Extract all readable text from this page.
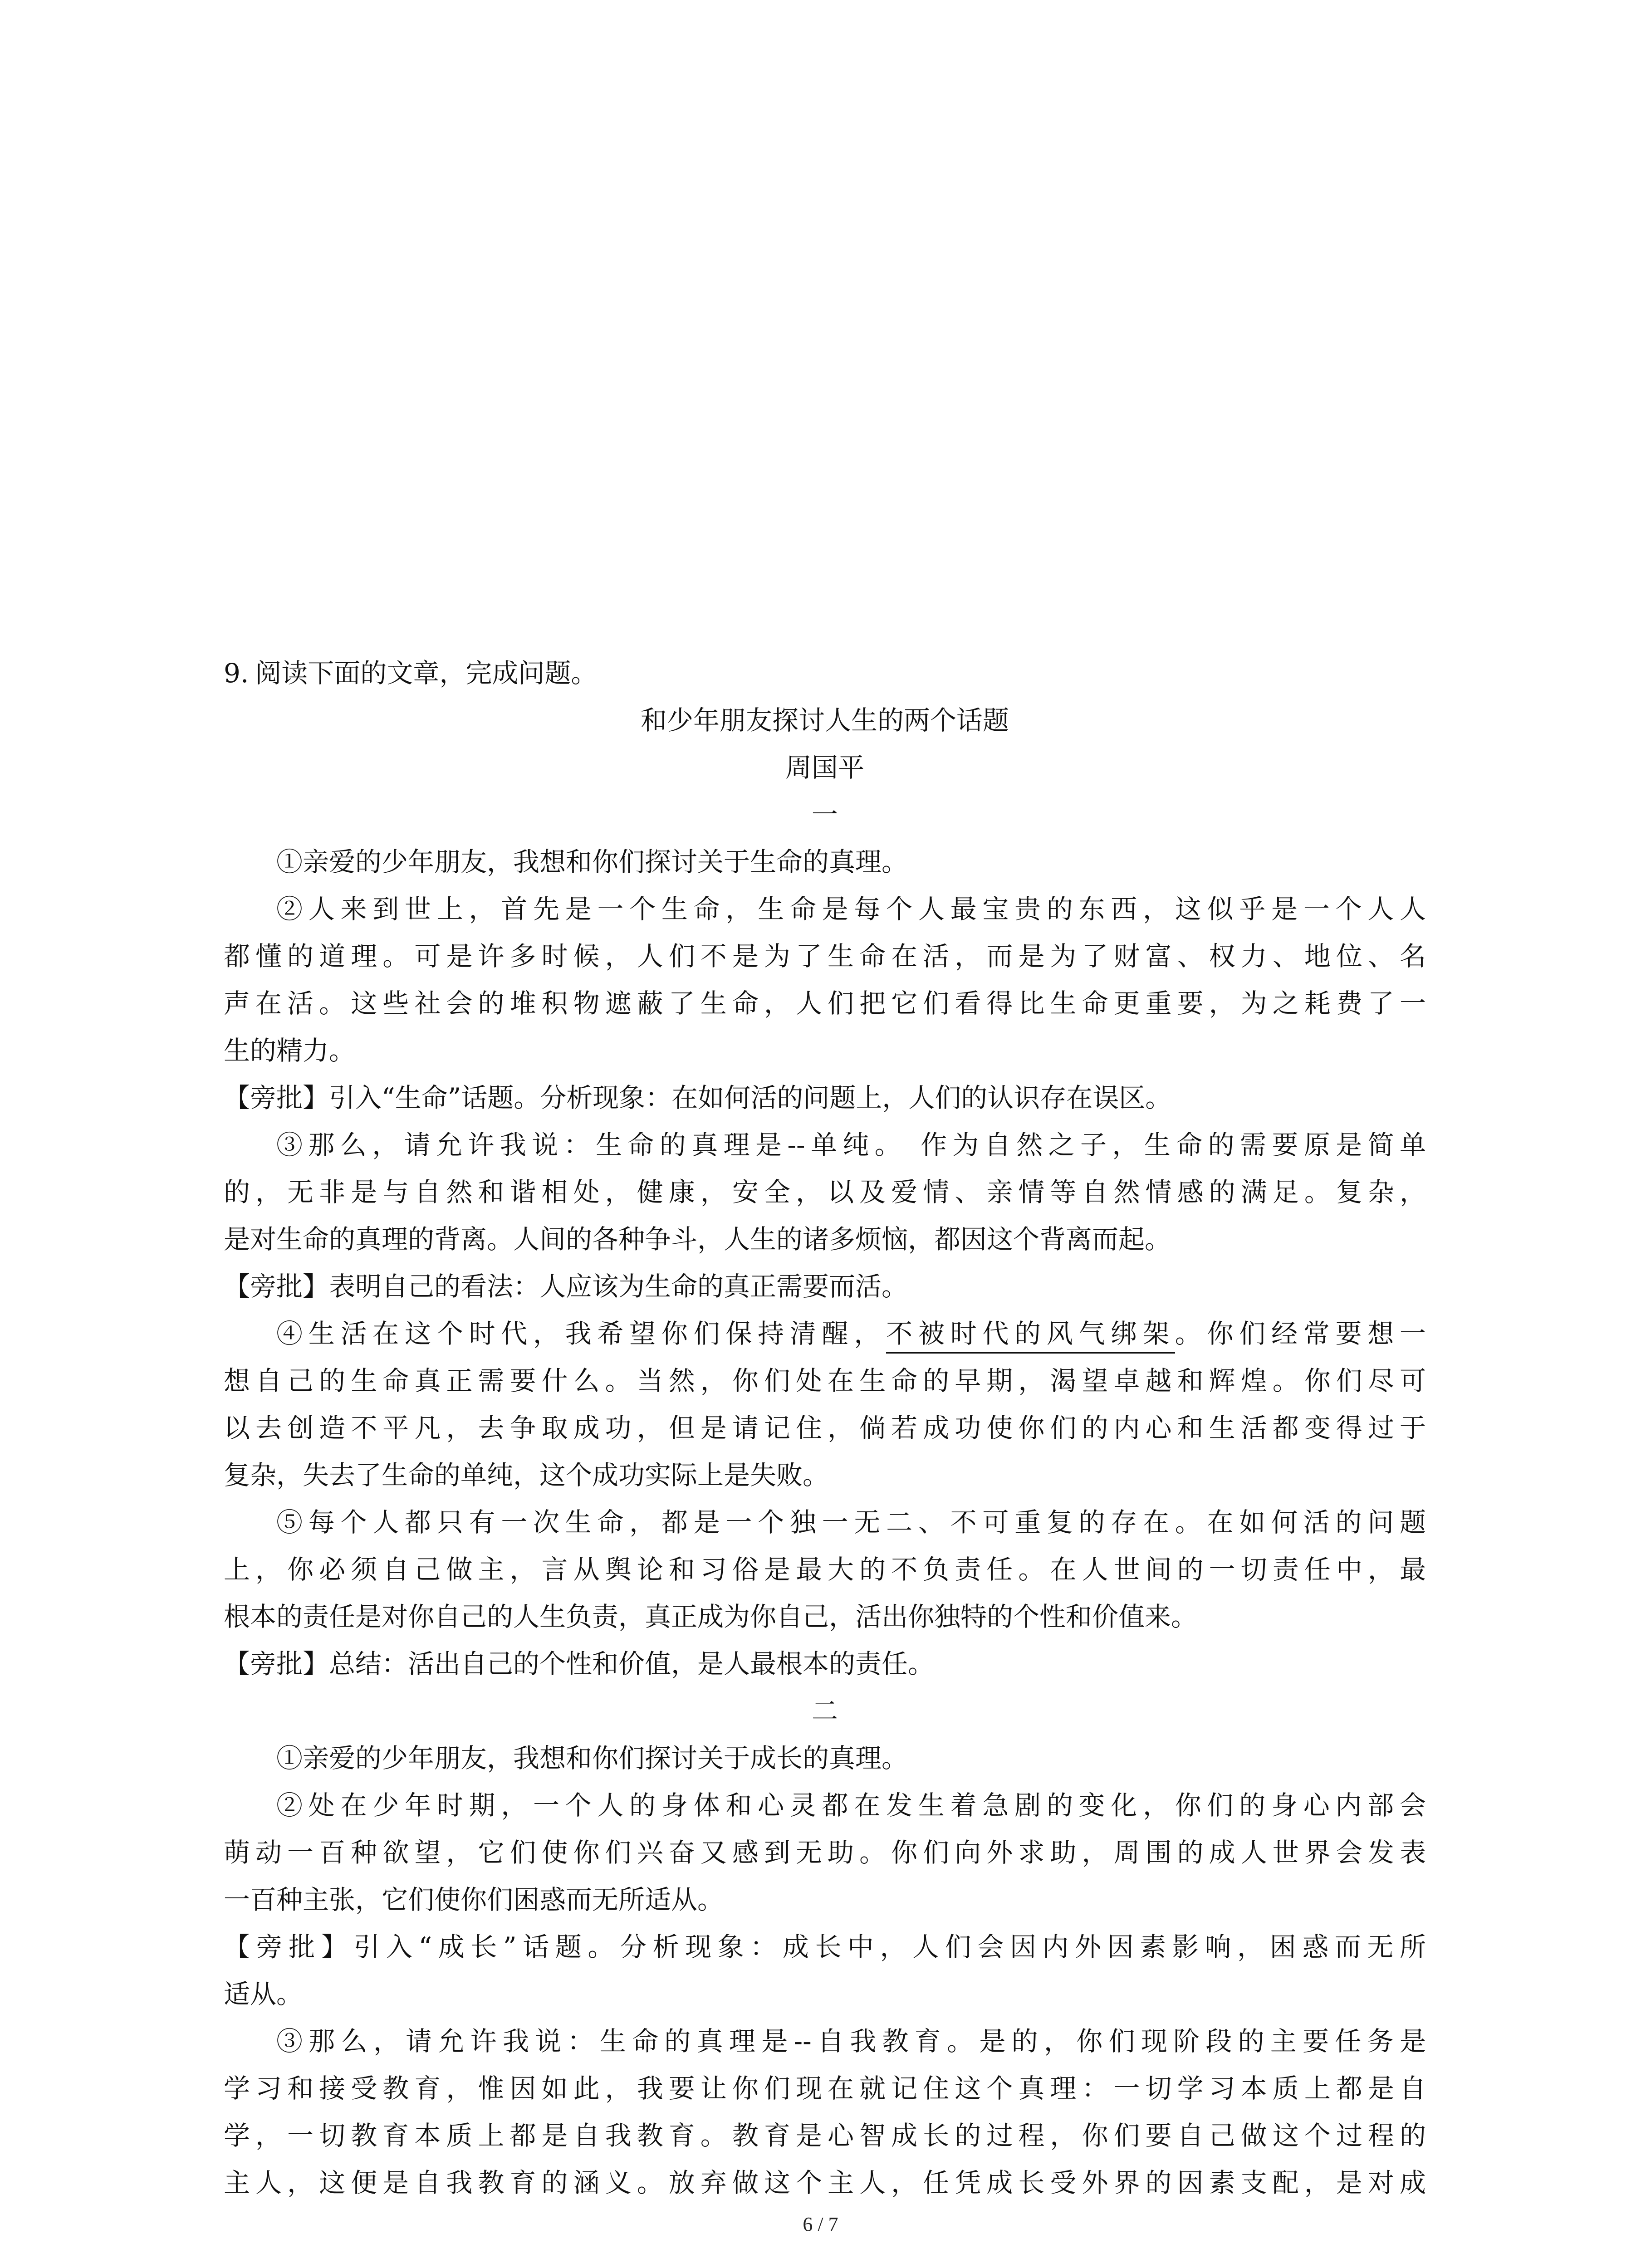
9. 阅读下面的文章，完成问题。
和少年朋友探讨人生的两个话题
周国平
一
①亲爱的少年朋友，我想和你们探讨关于生命的真理。
②人来到世上，首先是一个生命，生命是每个人最宝贵的东西，这似乎是一个人人
都懂的道理。可是许多时候，人们不是为了生命在活，而是为了财富、权力、地位、名
声在活。这些社会的堆积物遮蔽了生命，人们把它们看得比生命更重要，为之耗费了一
生的精力。
【旁批】引入“生命”话题。分析现象：在如何活的问题上，人们的认识存在误区。
③那么，请允许我说：生命的真理是--单纯。 作为自然之子，生命的需要原是简单
的，无非是与自然和谐相处，健康，安全，以及爱情、亲情等自然情感的满足。复杂，
是对生命的真理的背离。人间的各种争斗，人生的诸多烦恼，都因这个背离而起。
【旁批】表明自己的看法：人应该为生命的真正需要而活。
④生活在这个时代，我希望你们保持清醒，不被时代的风气绑架。你们经常要想一
想自己的生命真正需要什么。当然，你们处在生命的早期，渴望卓越和辉煌。你们尽可
以去创造不平凡，去争取成功，但是请记住，倘若成功使你们的内心和生活都变得过于
复杂，失去了生命的单纯，这个成功实际上是失败。
⑤每个人都只有一次生命，都是一个独一无二、不可重复的存在。在如何活的问题
上，你必须自己做主，言从舆论和习俗是最大的不负责任。在人世间的一切责任中，最
根本的责任是对你自己的人生负责，真正成为你自己，活出你独特的个性和价值来。
【旁批】总结：活出自己的个性和价值，是人最根本的责任。
二
①亲爱的少年朋友，我想和你们探讨关于成长的真理。
②处在少年时期，一个人的身体和心灵都在发生着急剧的变化，你们的身心内部会
萌动一百种欲望，它们使你们兴奋又感到无助。你们向外求助，周围的成人世界会发表
一百种主张，它们使你们困惑而无所适从。
【旁批】引入“成长”话题。分析现象：成长中，人们会因内外因素影响，困惑而无所
适从。
③那么，请允许我说：生命的真理是--自我教育。是的，你们现阶段的主要任务是
学习和接受教育，惟因如此，我要让你们现在就记住这个真理：一切学习本质上都是自
学，一切教育本质上都是自我教育。教育是心智成长的过程，你们要自己做这个过程的
主人，这便是自我教育的涵义。放弃做这个主人，任凭成长受外界的因素支配，是对成
6 / 7
